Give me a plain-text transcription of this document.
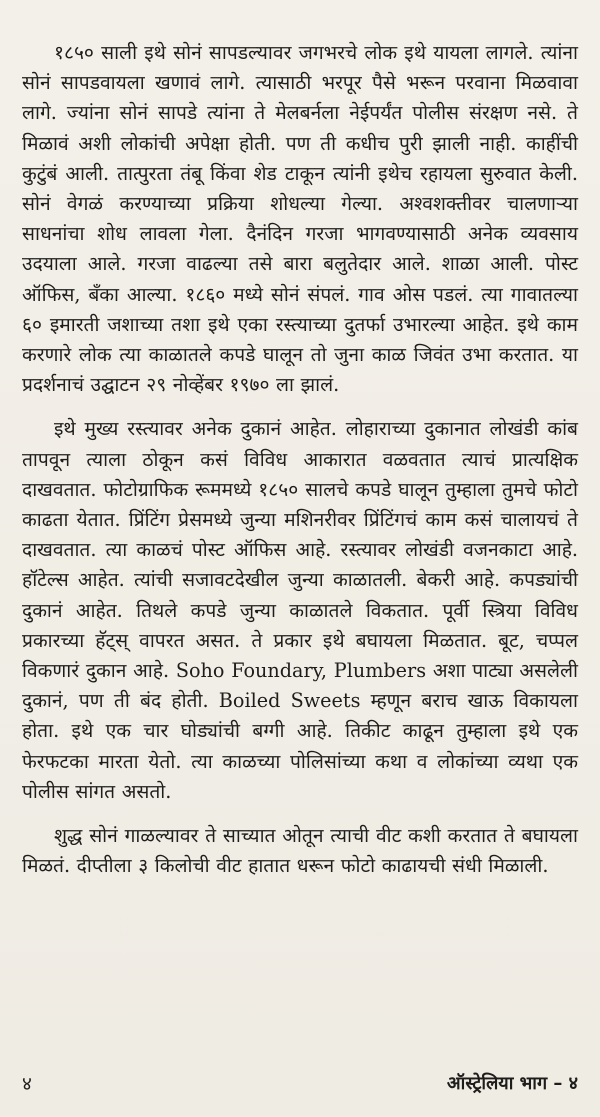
१८५० साली इथे सोनं सापडल्यावर जगभरचे लोक इथे यायला लागले. त्यांना सोनं सापडवायला खणावं लागे. त्यासाठी भरपूर पैसे भरून परवाना मिळवावा लागे. ज्यांना सोनं सापडे त्यांना ते मेलबर्नला नेईपर्यंत पोलीस संरक्षण नसे. ते मिळावं अशी लोकांची अपेक्षा होती. पण ती कधीच पुरी झाली नाही. काहींची कुटुंबं आली. तात्पुरता तंबू किंवा शेड टाकून त्यांनी इथेच रहायला सुरुवात केली. सोनं वेगळं करण्याच्या प्रक्रिया शोधल्या गेल्या. अश्वशक्तीवर चालणाऱ्या साधनांचा शोध लावला गेला. दैनंदिन गरजा भागवण्यासाठी अनेक व्यवसाय उदयाला आले. गरजा वाढल्या तसे बारा बलुतेदार आले. शाळा आली. पोस्ट ऑफिस, बँका आल्या. १८६० मध्ये सोनं संपलं. गाव ओस पडलं. त्या गावातल्या ६० इमारती जशाच्या तशा इथे एका रस्त्याच्या दुतर्फा उभारल्या आहेत. इथे काम करणारे लोक त्या काळातले कपडे घालून तो जुना काळ जिवंत उभा करतात. या प्रदर्शनाचं उद्घाटन २९ नोव्हेंबर १९७० ला झालं.

इथे मुख्य रस्त्यावर अनेक दुकानं आहेत. लोहाराच्या दुकानात लोखंडी कांब तापवून त्याला ठोकून कसं विविध आकारात वळवतात त्याचं प्रात्यक्षिक दाखवतात. फोटोग्राफिक रूममध्ये १८५० सालचे कपडे घालून तुम्हाला तुमचे फोटो काढता येतात. प्रिंटिंग प्रेसमध्ये जुन्या मशिनरीवर प्रिंटिंगचं काम कसं चालायचं ते दाखवतात. त्या काळचं पोस्ट ऑफिस आहे. रस्त्यावर लोखंडी वजनकाटा आहे. हॉटेल्स आहेत. त्यांची सजावटदेखील जुन्या काळातली. बेकरी आहे. कपड्यांची दुकानं आहेत. तिथले कपडे जुन्या काळातले विकतात. पूर्वी स्त्रिया विविध प्रकारच्या हॅट्स् वापरत असत. ते प्रकार इथे बघायला मिळतात. बूट, चप्पल विकणारं दुकान आहे. Soho Foundary, Plumbers अशा पाट्या असलेली दुकानं, पण ती बंद होती. Boiled Sweets म्हणून बराच खाऊ विकायला होता. इथे एक चार घोड्यांची बग्गी आहे. तिकीट काढून तुम्हाला इथे एक फेरफटका मारता येतो. त्या काळच्या पोलिसांच्या कथा व लोकांच्या व्यथा एक पोलीस सांगत असतो.

शुद्ध सोनं गाळल्यावर ते साच्यात ओतून त्याची वीट कशी करतात ते बघायला मिळतं. दीप्तीला ३ किलोची वीट हातात धरून फोटो काढायची संधी मिळाली.

४	ऑस्ट्रेलिया भाग – ४
